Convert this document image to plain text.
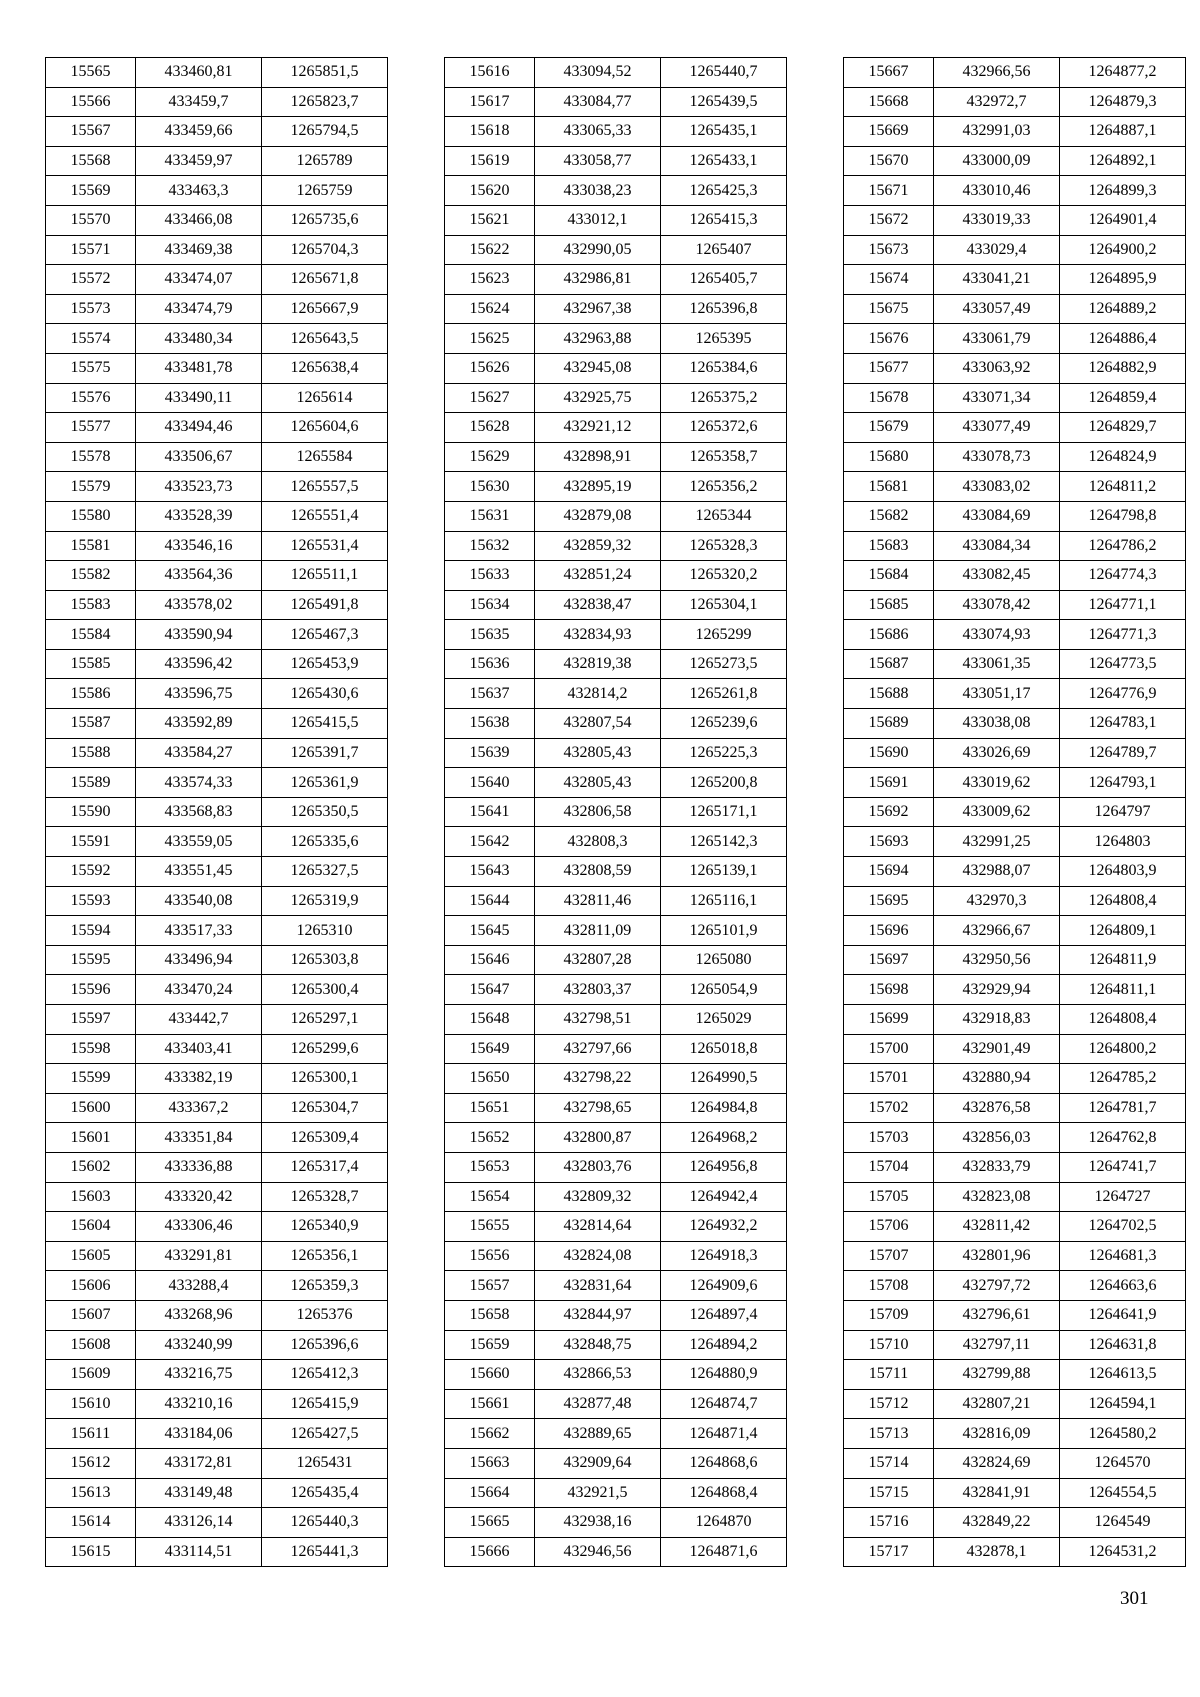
15565	433460,81	1265851,5
15566	433459,7	1265823,7
15567	433459,66	1265794,5
15568	433459,97	1265789
15569	433463,3	1265759
15570	433466,08	1265735,6
15571	433469,38	1265704,3
15572	433474,07	1265671,8
15573	433474,79	1265667,9
15574	433480,34	1265643,5
15575	433481,78	1265638,4
15576	433490,11	1265614
15577	433494,46	1265604,6
15578	433506,67	1265584
15579	433523,73	1265557,5
15580	433528,39	1265551,4
15581	433546,16	1265531,4
15582	433564,36	1265511,1
15583	433578,02	1265491,8
15584	433590,94	1265467,3
15585	433596,42	1265453,9
15586	433596,75	1265430,6
15587	433592,89	1265415,5
15588	433584,27	1265391,7
15589	433574,33	1265361,9
15590	433568,83	1265350,5
15591	433559,05	1265335,6
15592	433551,45	1265327,5
15593	433540,08	1265319,9
15594	433517,33	1265310
15595	433496,94	1265303,8
15596	433470,24	1265300,4
15597	433442,7	1265297,1
15598	433403,41	1265299,6
15599	433382,19	1265300,1
15600	433367,2	1265304,7
15601	433351,84	1265309,4
15602	433336,88	1265317,4
15603	433320,42	1265328,7
15604	433306,46	1265340,9
15605	433291,81	1265356,1
15606	433288,4	1265359,3
15607	433268,96	1265376
15608	433240,99	1265396,6
15609	433216,75	1265412,3
15610	433210,16	1265415,9
15611	433184,06	1265427,5
15612	433172,81	1265431
15613	433149,48	1265435,4
15614	433126,14	1265440,3
15615	433114,51	1265441,3
15616	433094,52	1265440,7
15617	433084,77	1265439,5
15618	433065,33	1265435,1
15619	433058,77	1265433,1
15620	433038,23	1265425,3
15621	433012,1	1265415,3
15622	432990,05	1265407
15623	432986,81	1265405,7
15624	432967,38	1265396,8
15625	432963,88	1265395
15626	432945,08	1265384,6
15627	432925,75	1265375,2
15628	432921,12	1265372,6
15629	432898,91	1265358,7
15630	432895,19	1265356,2
15631	432879,08	1265344
15632	432859,32	1265328,3
15633	432851,24	1265320,2
15634	432838,47	1265304,1
15635	432834,93	1265299
15636	432819,38	1265273,5
15637	432814,2	1265261,8
15638	432807,54	1265239,6
15639	432805,43	1265225,3
15640	432805,43	1265200,8
15641	432806,58	1265171,1
15642	432808,3	1265142,3
15643	432808,59	1265139,1
15644	432811,46	1265116,1
15645	432811,09	1265101,9
15646	432807,28	1265080
15647	432803,37	1265054,9
15648	432798,51	1265029
15649	432797,66	1265018,8
15650	432798,22	1264990,5
15651	432798,65	1264984,8
15652	432800,87	1264968,2
15653	432803,76	1264956,8
15654	432809,32	1264942,4
15655	432814,64	1264932,2
15656	432824,08	1264918,3
15657	432831,64	1264909,6
15658	432844,97	1264897,4
15659	432848,75	1264894,2
15660	432866,53	1264880,9
15661	432877,48	1264874,7
15662	432889,65	1264871,4
15663	432909,64	1264868,6
15664	432921,5	1264868,4
15665	432938,16	1264870
15666	432946,56	1264871,6
15667	432966,56	1264877,2
15668	432972,7	1264879,3
15669	432991,03	1264887,1
15670	433000,09	1264892,1
15671	433010,46	1264899,3
15672	433019,33	1264901,4
15673	433029,4	1264900,2
15674	433041,21	1264895,9
15675	433057,49	1264889,2
15676	433061,79	1264886,4
15677	433063,92	1264882,9
15678	433071,34	1264859,4
15679	433077,49	1264829,7
15680	433078,73	1264824,9
15681	433083,02	1264811,2
15682	433084,69	1264798,8
15683	433084,34	1264786,2
15684	433082,45	1264774,3
15685	433078,42	1264771,1
15686	433074,93	1264771,3
15687	433061,35	1264773,5
15688	433051,17	1264776,9
15689	433038,08	1264783,1
15690	433026,69	1264789,7
15691	433019,62	1264793,1
15692	433009,62	1264797
15693	432991,25	1264803
15694	432988,07	1264803,9
15695	432970,3	1264808,4
15696	432966,67	1264809,1
15697	432950,56	1264811,9
15698	432929,94	1264811,1
15699	432918,83	1264808,4
15700	432901,49	1264800,2
15701	432880,94	1264785,2
15702	432876,58	1264781,7
15703	432856,03	1264762,8
15704	432833,79	1264741,7
15705	432823,08	1264727
15706	432811,42	1264702,5
15707	432801,96	1264681,3
15708	432797,72	1264663,6
15709	432796,61	1264641,9
15710	432797,11	1264631,8
15711	432799,88	1264613,5
15712	432807,21	1264594,1
15713	432816,09	1264580,2
15714	432824,69	1264570
15715	432841,91	1264554,5
15716	432849,22	1264549
15717	432878,1	1264531,2
301
